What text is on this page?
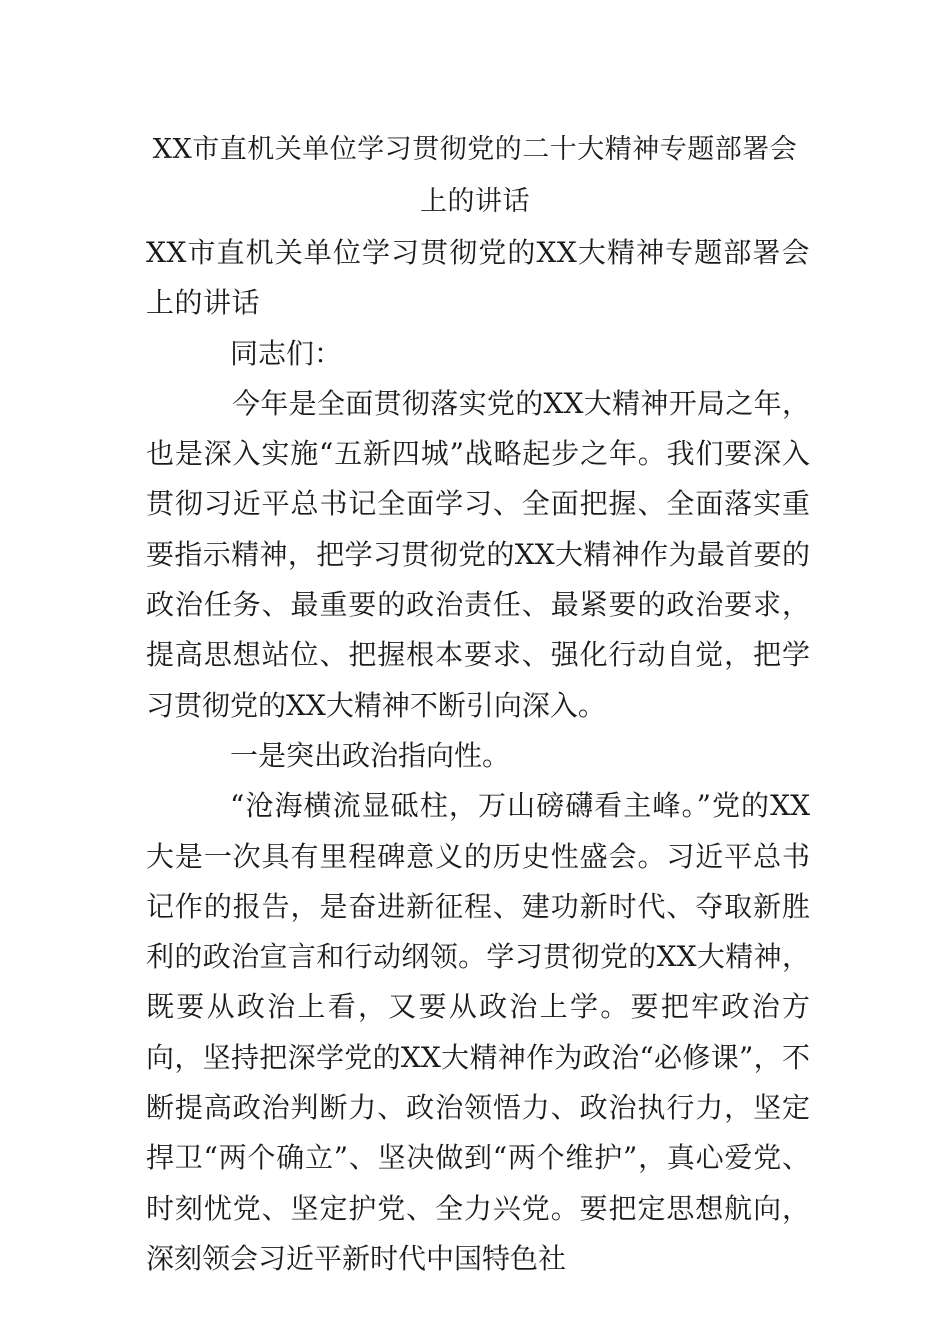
XX市直机关单位学习贯彻党的二十大精神专题部署会上的讲话

XX市直机关单位学习贯彻党的XX大精神专题部署会上的讲话

同志们：

今年是全面贯彻落实党的XX大精神开局之年，也是深入实施“五新四城”战略起步之年。我们要深入贯彻习近平总书记全面学习、全面把握、全面落实重要指示精神，把学习贯彻党的XX大精神作为最首要的政治任务、最重要的政治责任、最紧要的政治要求，提高思想站位、把握根本要求、强化行动自觉，把学习贯彻党的XX大精神不断引向深入。

一是突出政治指向性。

“沧海横流显砥柱，万山磅礴看主峰。”党的XX大是一次具有里程碑意义的历史性盛会。习近平总书记作的报告，是奋进新征程、建功新时代、夺取新胜利的政治宣言和行动纲领。学习贯彻党的XX大精神，既要从政治上看，又要从政治上学。要把牢政治方向，坚持把深学党的XX大精神作为政治“必修课”，不断提高政治判断力、政治领悟力、政治执行力，坚定捍卫“两个确立”、坚决做到“两个维护”，真心爱党、时刻忧党、坚定护党、全力兴党。要把定思想航向，深刻领会习近平新时代中国特色社
